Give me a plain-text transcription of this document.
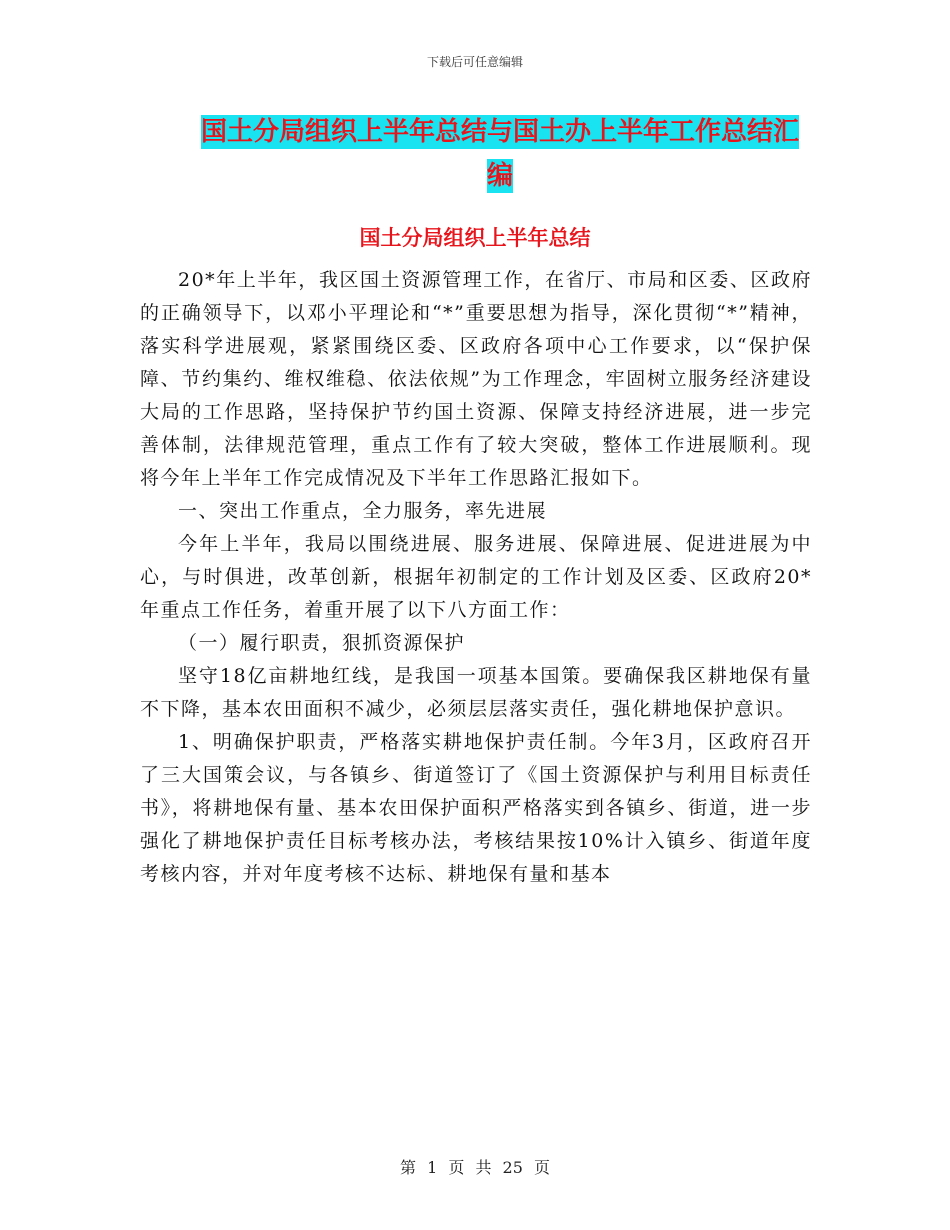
下载后可任意编辑
国土分局组织上半年总结与国土办上半年工作总结汇编
国土分局组织上半年总结

20*年上半年，我区国土资源管理工作，在省厅、市局和区委、区政府的正确领导下，以邓小平理论和“*”重要思想为指导，深化贯彻“*”精神，落实科学进展观，紧紧围绕区委、区政府各项中心工作要求，以“保护保障、节约集约、维权维稳、依法依规”为工作理念，牢固树立服务经济建设大局的工作思路，坚持保护节约国土资源、保障支持经济进展，进一步完善体制，法律规范管理，重点工作有了较大突破，整体工作进展顺利。现将今年上半年工作完成情况及下半年工作思路汇报如下。

一、突出工作重点，全力服务，率先进展

今年上半年，我局以围绕进展、服务进展、保障进展、促进进展为中心，与时俱进，改革创新，根据年初制定的工作计划及区委、区政府20*年重点工作任务，着重开展了以下八方面工作：

（一）履行职责，狠抓资源保护

坚守18亿亩耕地红线，是我国一项基本国策。要确保我区耕地保有量不下降，基本农田面积不减少，必须层层落实责任，强化耕地保护意识。

1、明确保护职责，严格落实耕地保护责任制。今年3月，区政府召开了三大国策会议，与各镇乡、街道签订了《国土资源保护与利用目标责任书》，将耕地保有量、基本农田保护面积严格落实到各镇乡、街道，进一步强化了耕地保护责任目标考核办法，考核结果按10%计入镇乡、街道年度考核内容，并对年度考核不达标、耕地保有量和基本

第 1 页 共 25 页
